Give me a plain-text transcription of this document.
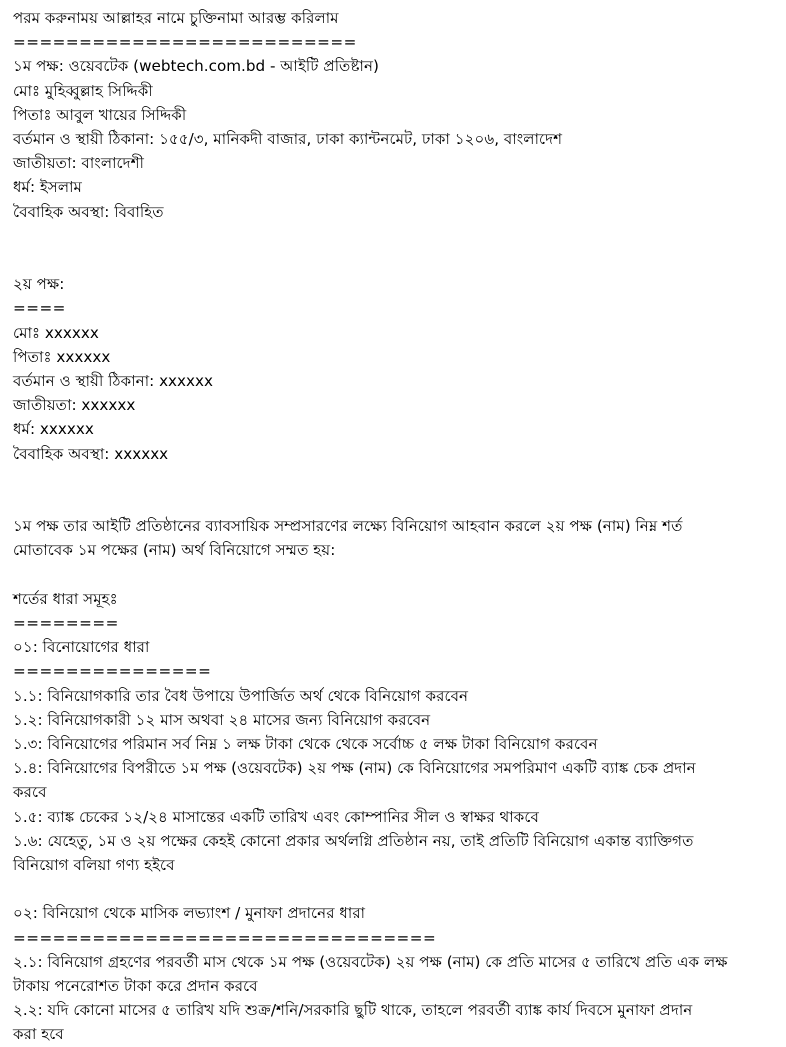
পরম করুনাময় আল্লাহর নামে চুক্তিনামা আরম্ভ করিলাম
==========================
১ম পক্ষ: ওয়েবটেক (webtech.com.bd - আইটি প্রতিষ্টান)
মোঃ মুহিব্বুল্লাহ সিদ্দিকী
পিতাঃ আবুল খায়ের সিদ্দিকী
বর্তমান ও স্থায়ী ঠিকানা: ১৫৫/৩, মানিকদী বাজার, ঢাকা ক্যান্টনমেট, ঢাকা ১২০৬, বাংলাদেশ
জাতীয়তা: বাংলাদেশী
ধর্ম: ইসলাম
বৈবাহিক অবস্থা: বিবাহিত
২য় পক্ষ:
====
মোঃ xxxxxx
পিতাঃ xxxxxx
বর্তমান ও স্থায়ী ঠিকানা: xxxxxx
জাতীয়তা: xxxxxx
ধর্ম: xxxxxx
বৈবাহিক অবস্থা: xxxxxx
১ম পক্ষ তার আইটি প্রতিষ্ঠানের ব্যাবসায়িক সম্প্রসারণের লক্ষ্যে বিনিয়োগ আহবান করলে ২য় পক্ষ (নাম) নিম্ন শর্ত
মোতাবেক ১ম পক্ষের (নাম) অর্থ বিনিয়োগে সম্মত হয়:
শর্তের ধারা সমূহঃ
========
০১: বিনোয়োগের ধারা
===============
১.১: বিনিয়োগকারি তার বৈধ উপায়ে উপার্জিত অর্থ থেকে বিনিয়োগ করবেন
১.২: বিনিয়োগকারী ১২ মাস অথবা ২৪ মাসের জন্য বিনিয়োগ করবেন
১.৩: বিনিয়োগের পরিমান সর্ব নিম্ন ১ লক্ষ টাকা থেকে থেকে সর্বোচ্চ ৫ লক্ষ টাকা বিনিয়োগ করবেন
১.৪: বিনিয়োগের বিপরীতে ১ম পক্ষ (ওয়েবটেক) ২য় পক্ষ (নাম) কে বিনিয়োগের সমপরিমাণ একটি ব্যাঙ্ক চেক প্রদান
করবে
১.৫: ব্যাঙ্ক চেকের ১২/২৪ মাসান্তের একটি তারিখ এবং কোম্পানির সীল ও স্বাক্ষর থাকবে
১.৬: যেহেতু, ১ম ও ২য় পক্ষের কেহই কোনো প্রকার অর্থলগ্নি প্রতিষ্ঠান নয়, তাই প্রতিটি বিনিয়োগ একান্ত ব্যাক্তিগত
বিনিয়োগ বলিয়া গণ্য হইবে
০২: বিনিয়োগ থেকে মাসিক লভ্যাংশ / মুনাফা প্রদানের ধারা
================================
২.১: বিনিয়োগ গ্রহণের পরবর্তী মাস থেকে ১ম পক্ষ (ওয়েবটেক) ২য় পক্ষ (নাম) কে প্রতি মাসের ৫ তারিখে প্রতি এক লক্ষ
টাকায় পনেরোশত টাকা করে প্রদান করবে
২.২: যদি কোনো মাসের ৫ তারিখ যদি শুক্র/শনি/সরকারি ছুটি থাকে, তাহলে পরবর্তী ব্যাঙ্ক কার্য দিবসে মুনাফা প্রদান
করা হবে
